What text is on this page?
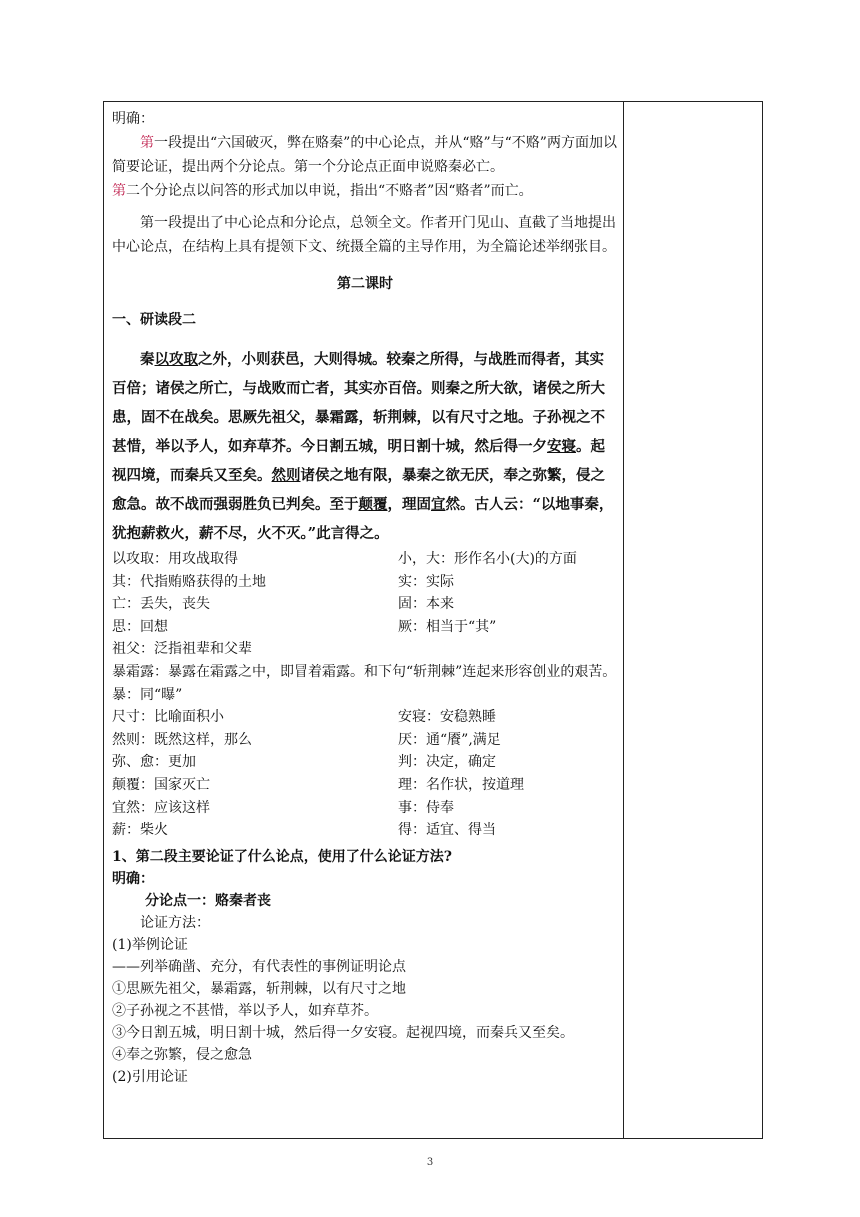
明确：

第一段提出“六国破灭，弊在赂秦”的中心论点，并从“赂”与“不赂”两方面加以简要论证，提出两个分论点。第一个分论点正面申说赂秦必亡。

第二个分论点以问答的形式加以申说，指出“不赂者”因“赂者”而亡。

第一段提出了中心论点和分论点，总领全文。作者开门见山、直截了当地提出中心论点，在结构上具有提领下文、统摄全篇的主导作用，为全篇论述举纲张目。

第二课时
一、研读段二

秦以攻取之外，小则获邑，大则得城。较秦之所得，与战胜而得者，其实百倍；诸侯之所亡，与战败而亡者，其实亦百倍。则秦之所大欲，诸侯之所大患，固不在战矣。思厥先祖父，暴霜露，斩荆棘，以有尺寸之地。子孙视之不甚惜，举以予人，如弃草芥。今日割五城，明日割十城，然后得一夕安寝。起视四境，而秦兵又至矣。然则诸侯之地有限，暴秦之欲无厌，奉之弥繁，侵之愈急。故不战而强弱胜负已判矣。至于颠覆，理固宜然。古人云：“以地事秦，犹抱薪救火，薪不尽，火不灭。”此言得之。

以攻取：用攻战取得	小，大：形作名小(大)的方面
其：代指贿赂获得的土地	实：实际
亡：丢失，丧失	固：本来
思：回想	厥：相当于“其”
祖父：泛指祖辈和父辈
暴霜露：暴露在霜露之中，即冒着霜露。和下句“斩荆棘”连起来形容创业的艰苦。暴：同“曝”
尺寸：比喻面积小	安寝：安稳熟睡
然则：既然这样，那么	厌：通“餍”,满足
弥、愈：更加	判：决定，确定
颠覆：国家灭亡	理：名作状，按道理
宜然：应该这样	事：侍奉
薪：柴火	得：适宜、得当
1、第二段主要论证了什么论点，使用了什么论证方法?
明确：
分论点一：赂秦者丧
论证方法：
(1)举例论证
——列举确凿、充分，有代表性的事例证明论点
①思厥先祖父，暴霜露，斩荆棘，以有尺寸之地
②子孙视之不甚惜，举以予人，如弃草芥。
③今日割五城，明日割十城，然后得一夕安寝。起视四境，而秦兵又至矣。
④奉之弥繁，侵之愈急
(2)引用论证
3
